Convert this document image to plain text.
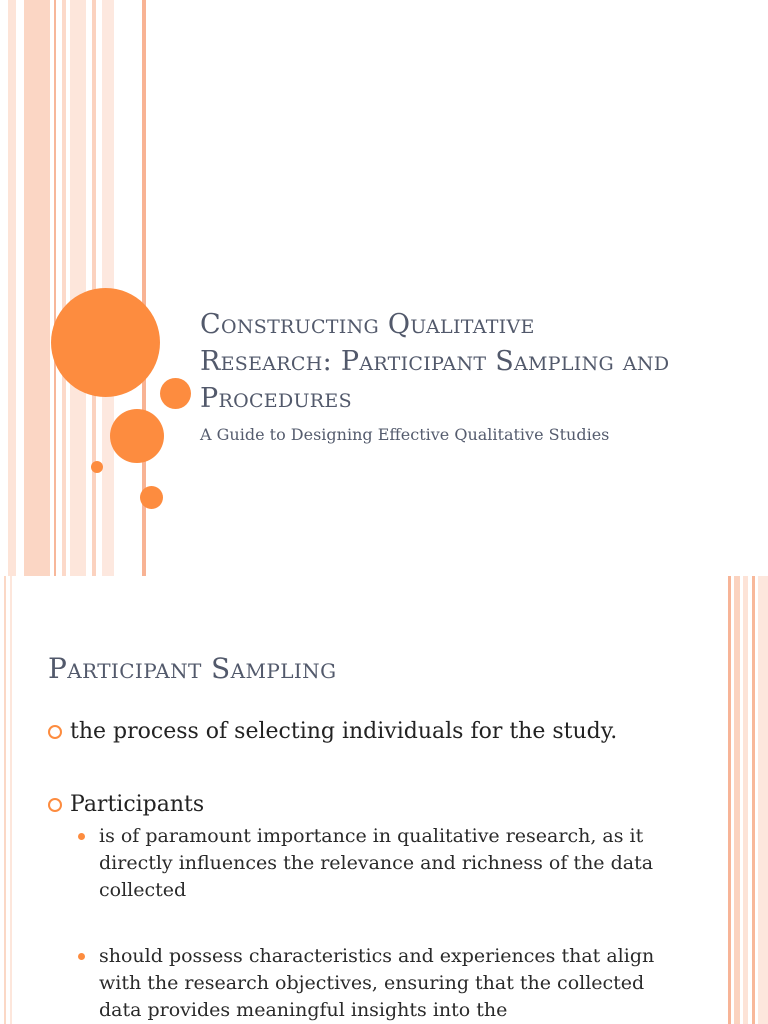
Constructing Qualitative Research: Participant Sampling and Procedures

A Guide to Designing Effective Qualitative Studies

Participant Sampling
the process of selecting individuals for the study.
Participants
is of paramount importance in qualitative research, as it directly influences the relevance and richness of the data collected
should possess characteristics and experiences that align with the research objectives, ensuring that the collected data provides meaningful insights into the
